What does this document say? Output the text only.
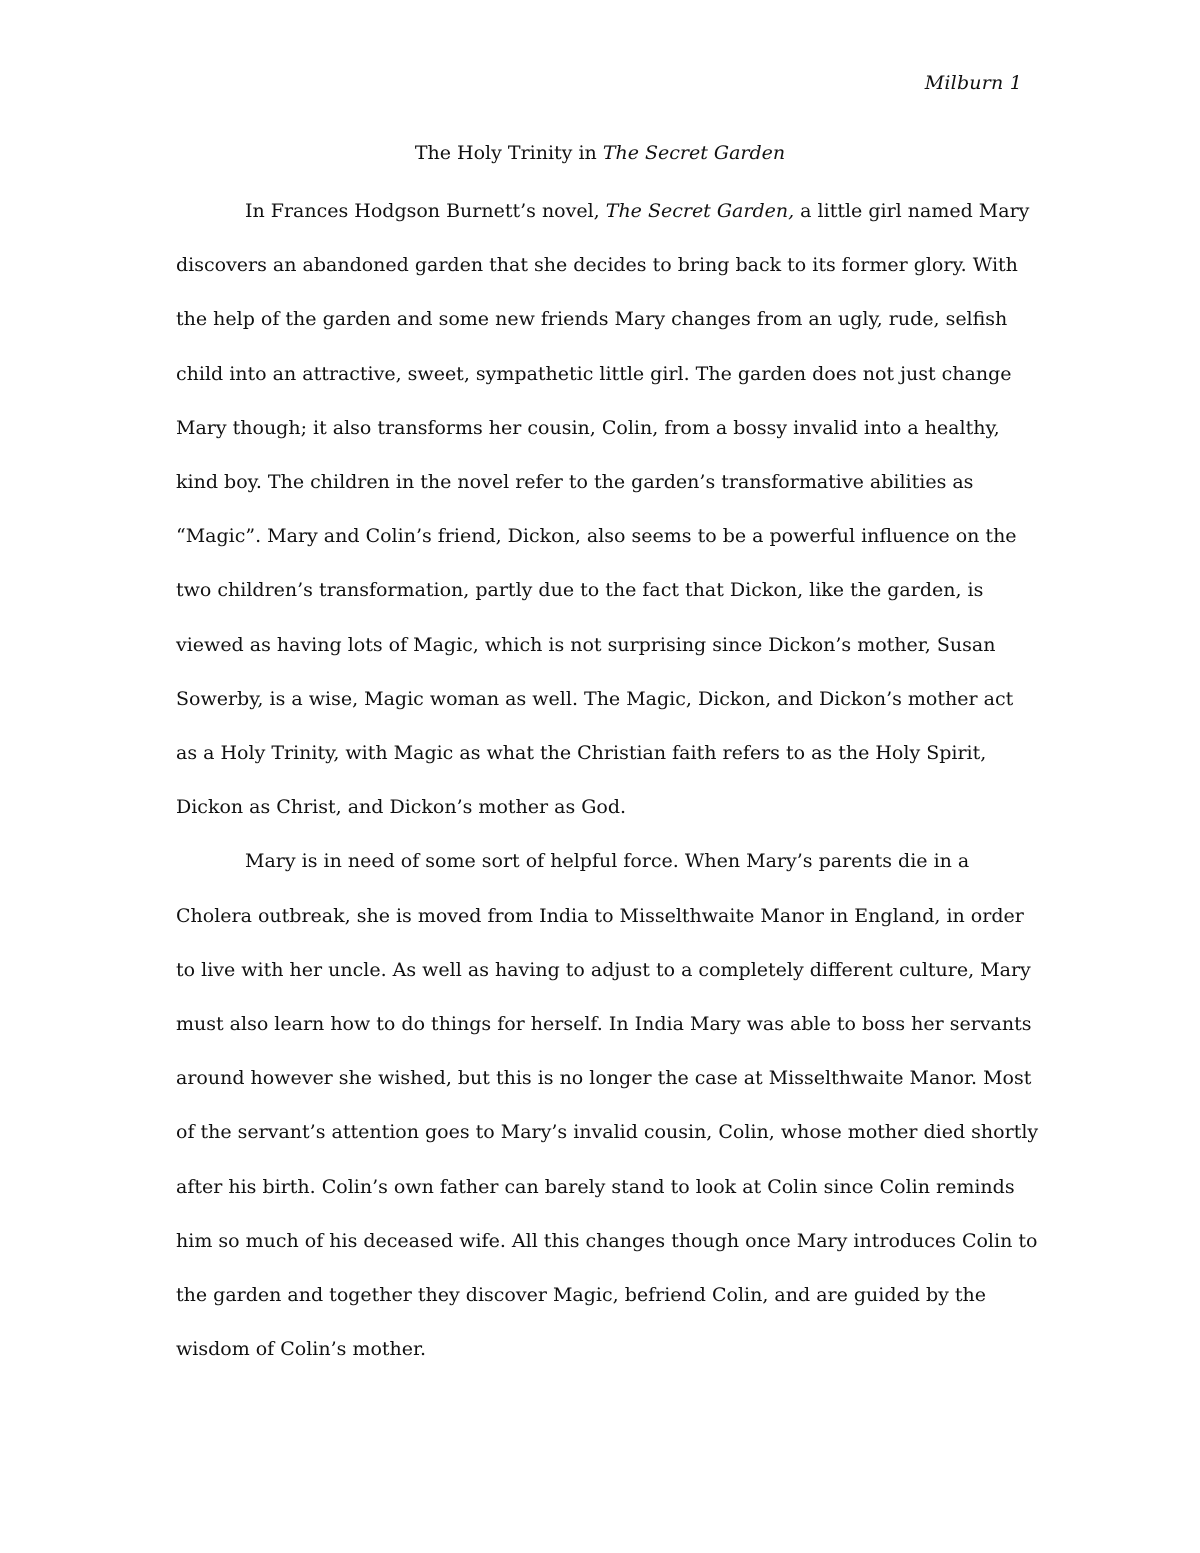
Milburn 1
The Holy Trinity in The Secret Garden

In Frances Hodgson Burnett’s novel, The Secret Garden, a little girl named Mary
discovers an abandoned garden that she decides to bring back to its former glory. With
the help of the garden and some new friends Mary changes from an ugly, rude, selfish
child into an attractive, sweet, sympathetic little girl. The garden does not just change
Mary though; it also transforms her cousin, Colin, from a bossy invalid into a healthy,
kind boy. The children in the novel refer to the garden’s transformative abilities as
“Magic”. Mary and Colin’s friend, Dickon, also seems to be a powerful influence on the
two children’s transformation, partly due to the fact that Dickon, like the garden, is
viewed as having lots of Magic, which is not surprising since Dickon’s mother, Susan
Sowerby, is a wise, Magic woman as well. The Magic, Dickon, and Dickon’s mother act
as a Holy Trinity, with Magic as what the Christian faith refers to as the Holy Spirit,
Dickon as Christ, and Dickon’s mother as God.

Mary is in need of some sort of helpful force. When Mary’s parents die in a
Cholera outbreak, she is moved from India to Misselthwaite Manor in England, in order
to live with her uncle. As well as having to adjust to a completely different culture, Mary
must also learn how to do things for herself. In India Mary was able to boss her servants
around however she wished, but this is no longer the case at Misselthwaite Manor. Most
of the servant’s attention goes to Mary’s invalid cousin, Colin, whose mother died shortly
after his birth. Colin’s own father can barely stand to look at Colin since Colin reminds
him so much of his deceased wife. All this changes though once Mary introduces Colin to
the garden and together they discover Magic, befriend Colin, and are guided by the
wisdom of Colin’s mother.
